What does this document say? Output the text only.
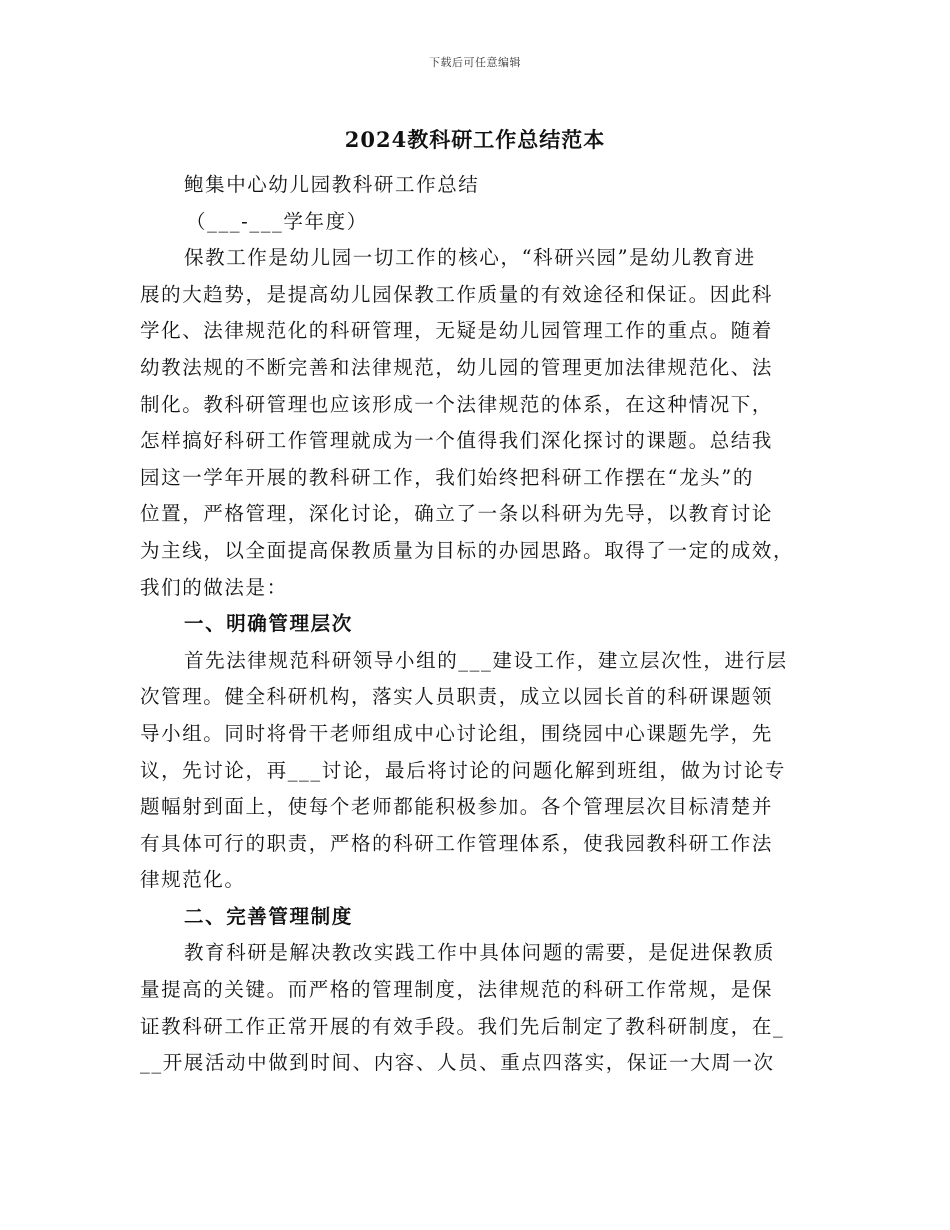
下载后可任意编辑
2024教科研工作总结范本
鲍集中心幼儿园教科研工作总结
（___-___学年度）
保教工作是幼儿园一切工作的核心，“科研兴园”是幼儿教育进
展的大趋势，是提高幼儿园保教工作质量的有效途径和保证。因此科
学化、法律规范化的科研管理，无疑是幼儿园管理工作的重点。随着
幼教法规的不断完善和法律规范，幼儿园的管理更加法律规范化、法
制化。教科研管理也应该形成一个法律规范的体系，在这种情况下，
怎样搞好科研工作管理就成为一个值得我们深化探讨的课题。总结我
园这一学年开展的教科研工作，我们始终把科研工作摆在“龙头”的
位置，严格管理，深化讨论，确立了一条以科研为先导，以教育讨论
为主线，以全面提高保教质量为目标的办园思路。取得了一定的成效，
我们的做法是：
一、明确管理层次
首先法律规范科研领导小组的___建设工作，建立层次性，进行层
次管理。健全科研机构，落实人员职责，成立以园长首的科研课题领
导小组。同时将骨干老师组成中心讨论组，围绕园中心课题先学，先
议，先讨论，再___讨论，最后将讨论的问题化解到班组，做为讨论专
题幅射到面上，使每个老师都能积极参加。各个管理层次目标清楚并
有具体可行的职责，严格的科研工作管理体系，使我园教科研工作法
律规范化。
二、完善管理制度
教育科研是解决教改实践工作中具体问题的需要，是促进保教质
量提高的关键。而严格的管理制度，法律规范的科研工作常规，是保
证教科研工作正常开展的有效手段。我们先后制定了教科研制度，在_
__开展活动中做到时间、内容、人员、重点四落实，保证一大周一次
